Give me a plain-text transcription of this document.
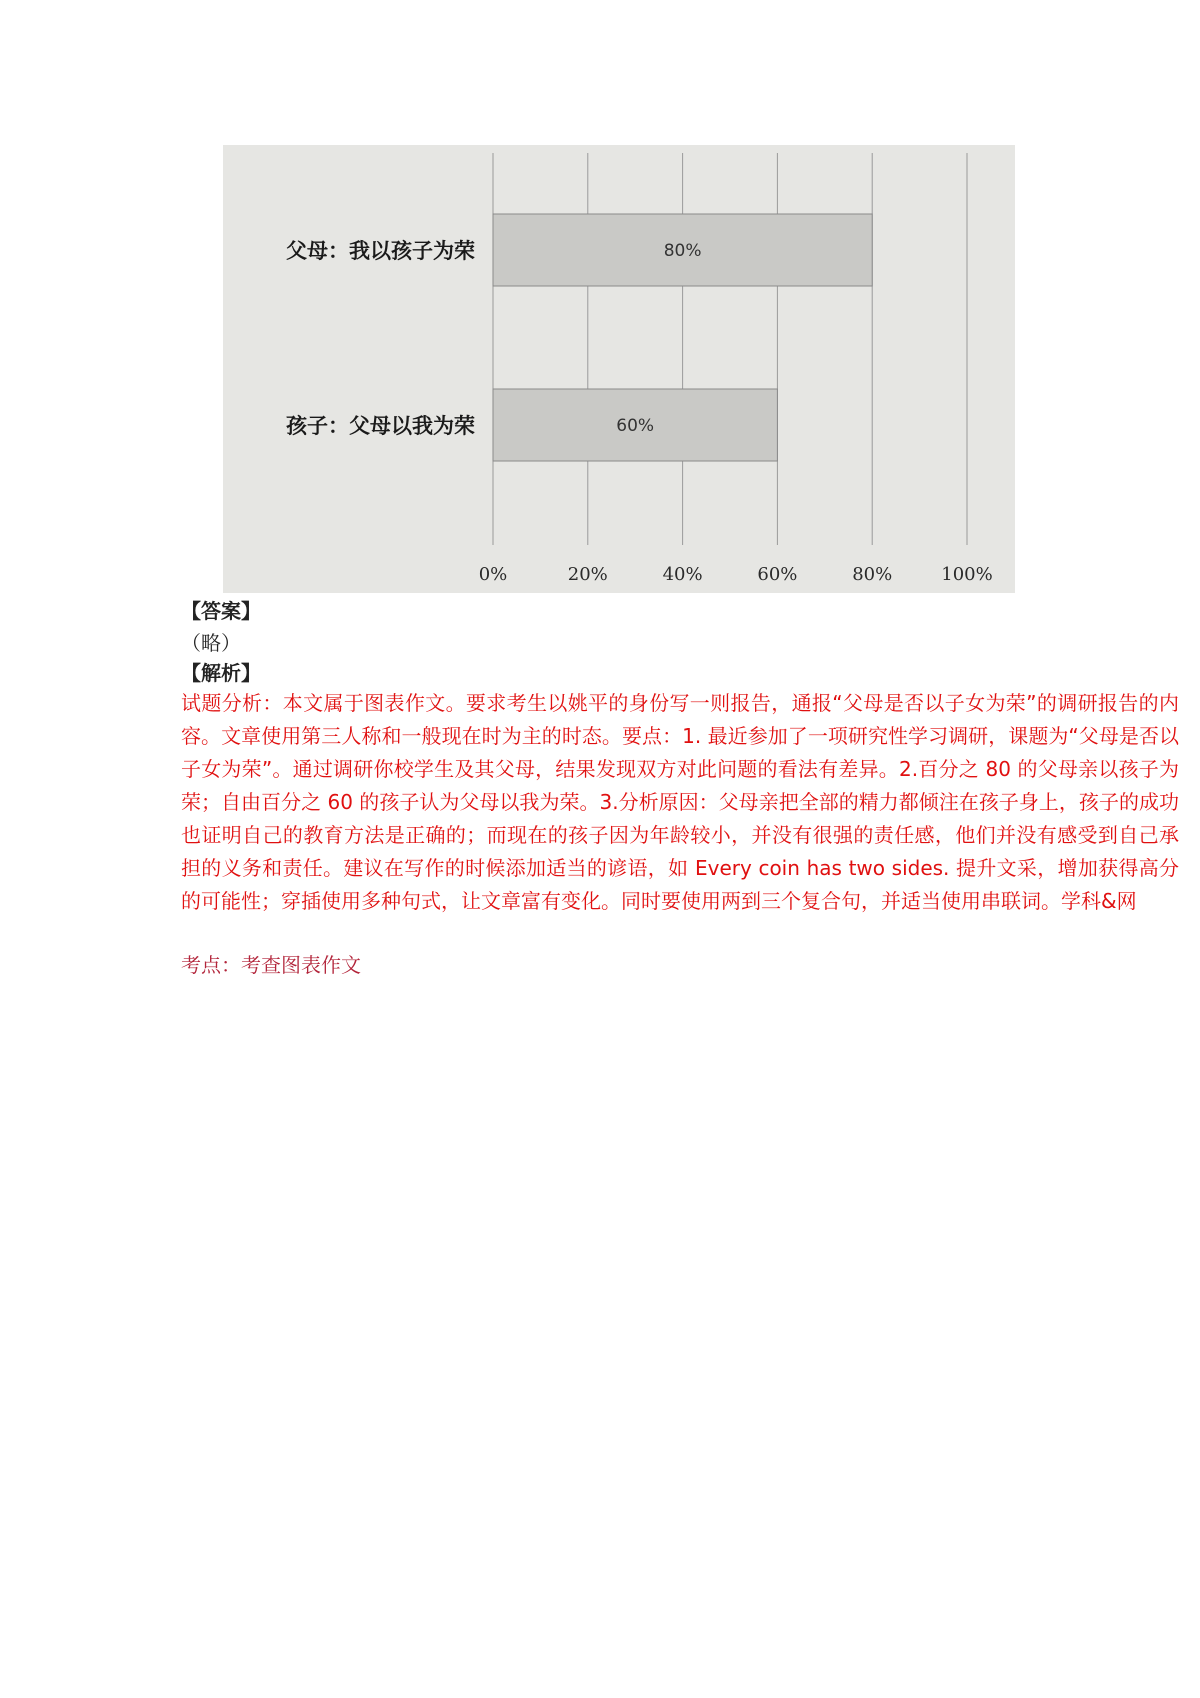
0%	20%	40%	60%	80%	100%
80%
父母：我以孩子为荣
60%
孩子：父母以我为荣
【答案】
（略）
【解析】
试题分析：本文属于图表作文。要求考生以姚平的身份写一则报告，通报“父母是否以子女为荣”的调研报告的内容。文章使用第三人称和一般现在时为主的时态。要点：1. 最近参加了一项研究性学习调研，课题为“父母是否以子女为荣”。通过调研你校学生及其父母，结果发现双方对此问题的看法有差异。2.百分之 80 的父母亲以孩子为荣；自由百分之 60 的孩子认为父母以我为荣。3.分析原因：父母亲把全部的精力都倾注在孩子身上，孩子的成功也证明自己的教育方法是正确的；而现在的孩子因为年龄较小，并没有很强的责任感，他们并没有感受到自己承担的义务和责任。建议在写作的时候添加适当的谚语，如 Every coin has two sides. 提升文采，增加获得高分的可能性；穿插使用多种句式，让文章富有变化。同时要使用两到三个复合句，并适当使用串联词。学科&网
考点：考查图表作文
